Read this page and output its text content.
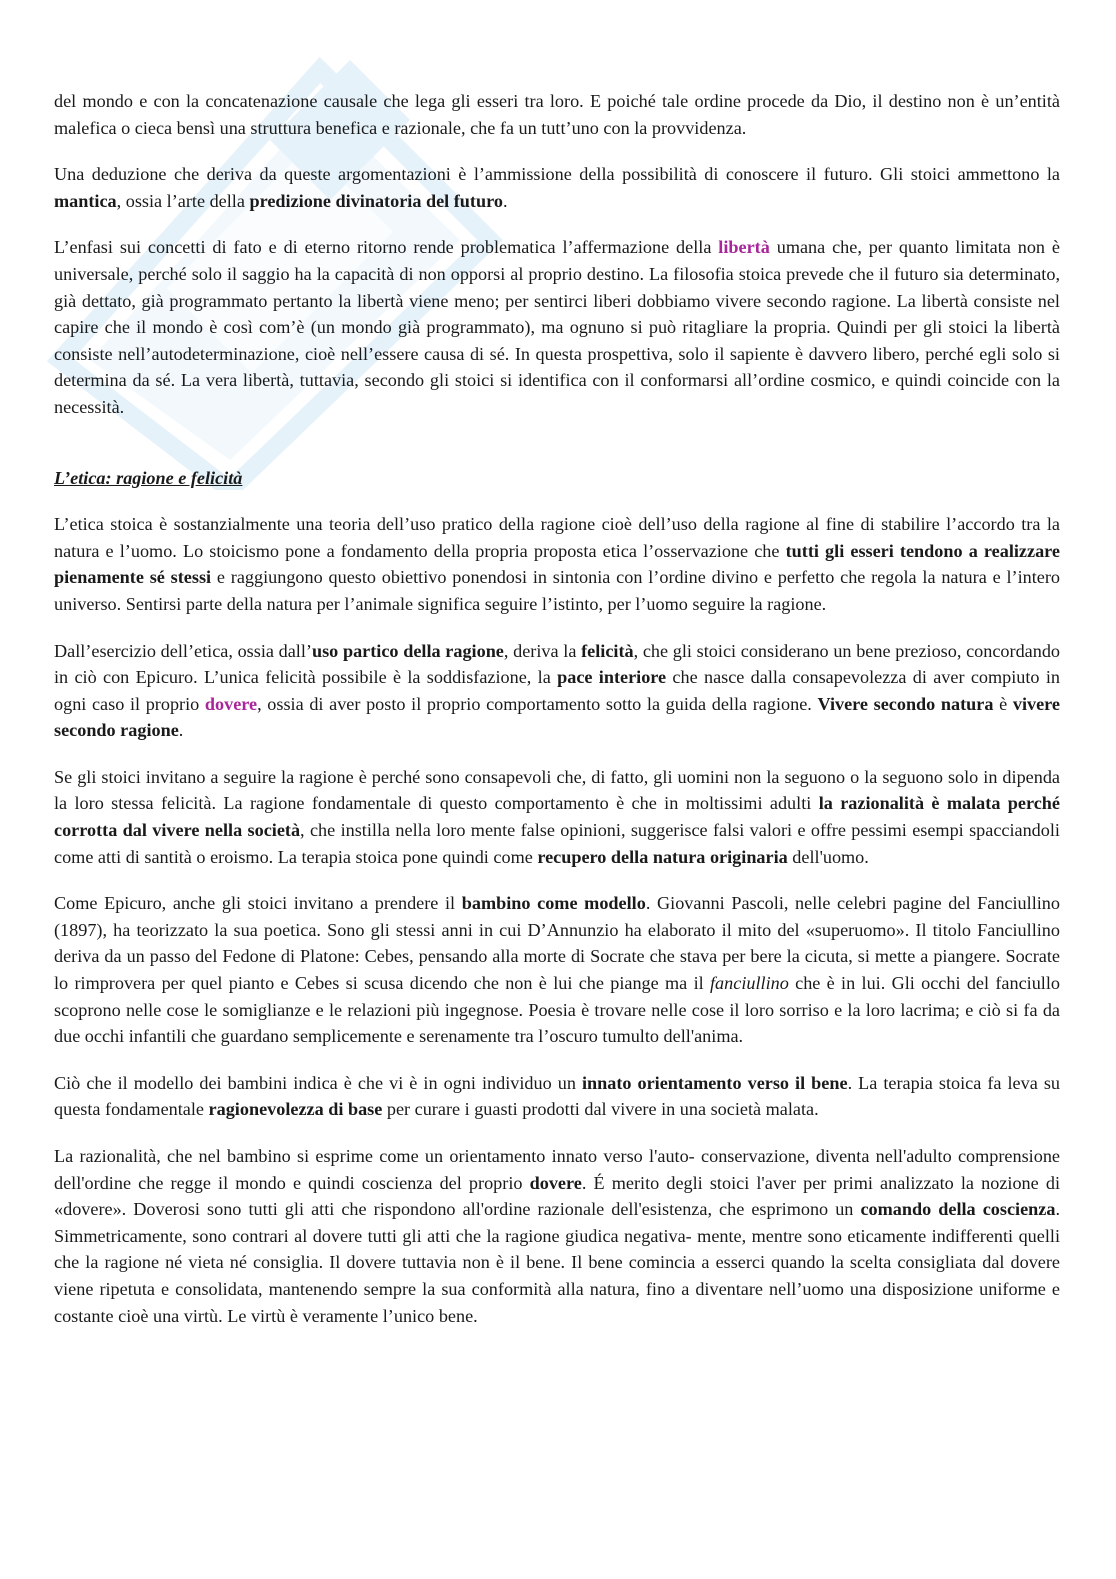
del mondo e con la concatenazione causale che lega gli esseri tra loro. E poiché tale ordine procede da Dio, il destino non è un’entità malefica o cieca bensì una struttura benefica e razionale, che fa un tutt’uno con la provvidenza.

Una deduzione che deriva da queste argomentazioni è l’ammissione della possibilità di conoscere il futuro. Gli stoici ammettono la mantica, ossia l’arte della predizione divinatoria del futuro.

L’enfasi sui concetti di fato e di eterno ritorno rende problematica l’affermazione della libertà umana che, per quanto limitata non è universale, perché solo il saggio ha la capacità di non opporsi al proprio destino. La filosofia stoica prevede che il futuro sia determinato, già dettato, già programmato pertanto la libertà viene meno; per sentirci liberi dobbiamo vivere secondo ragione. La libertà consiste nel capire che il mondo è così com’è (un mondo già programmato), ma ognuno si può ritagliare la propria. Quindi per gli stoici la libertà consiste nell’autodeterminazione, cioè nell’essere causa di sé. In questa prospettiva, solo il sapiente è davvero libero, perché egli solo si determina da sé. La vera libertà, tuttavia, secondo gli stoici si identifica con il conformarsi all’ordine cosmico, e quindi coincide con la necessità.

L’etica: ragione e felicità

L’etica stoica è sostanzialmente una teoria dell’uso pratico della ragione cioè dell’uso della ragione al fine di stabilire l’accordo tra la natura e l’uomo. Lo stoicismo pone a fondamento della propria proposta etica l’osservazione che tutti gli esseri tendono a realizzare pienamente sé stessi e raggiungono questo obiettivo ponendosi in sintonia con l’ordine divino e perfetto che regola la natura e l’intero universo. Sentirsi parte della natura per l’animale significa seguire l’istinto, per l’uomo seguire la ragione.

Dall’esercizio dell’etica, ossia dall’uso partico della ragione, deriva la felicità, che gli stoici considerano un bene prezioso, concordando in ciò con Epicuro. L’unica felicità possibile è la soddisfazione, la pace interiore che nasce dalla consapevolezza di aver compiuto in ogni caso il proprio dovere, ossia di aver posto il proprio comportamento sotto la guida della ragione. Vivere secondo natura è vivere secondo ragione.

Se gli stoici invitano a seguire la ragione è perché sono consapevoli che, di fatto, gli uomini non la seguono o la seguono solo in dipenda la loro stessa felicità. La ragione fondamentale di questo comportamento è che in moltissimi adulti la razionalità è malata perché corrotta dal vivere nella società, che instilla nella loro mente false opinioni, suggerisce falsi valori e offre pessimi esempi spacciandoli come atti di santità o eroismo. La terapia stoica pone quindi come recupero della natura originaria dell'uomo.

Come Epicuro, anche gli stoici invitano a prendere il bambino come modello. Giovanni Pascoli, nelle celebri pagine del Fanciullino (1897), ha teorizzato la sua poetica. Sono gli stessi anni in cui D’Annunzio ha elaborato il mito del «superuomo». Il titolo Fanciullino deriva da un passo del Fedone di Platone: Cebes, pensando alla morte di Socrate che stava per bere la cicuta, si mette a piangere. Socrate lo rimprovera per quel pianto e Cebes si scusa dicendo che non è lui che piange ma il fanciullino che è in lui. Gli occhi del fanciullo scoprono nelle cose le somiglianze e le relazioni più ingegnose. Poesia è trovare nelle cose il loro sorriso e la loro lacrima; e ciò si fa da due occhi infantili che guardano semplicemente e serenamente tra l’oscuro tumulto dell'anima.

Ciò che il modello dei bambini indica è che vi è in ogni individuo un innato orientamento verso il bene. La terapia stoica fa leva su questa fondamentale ragionevolezza di base per curare i guasti prodotti dal vivere in una società malata.

La razionalità, che nel bambino si esprime come un orientamento innato verso l'auto- conservazione, diventa nell'adulto comprensione dell'ordine che regge il mondo e quindi coscienza del proprio dovere. É merito degli stoici l'aver per primi analizzato la nozione di «dovere». Doverosi sono tutti gli atti che rispondono all'ordine razionale dell'esistenza, che esprimono un comando della coscienza. Simmetricamente, sono contrari al dovere tutti gli atti che la ragione giudica negativa- mente, mentre sono eticamente indifferenti quelli che la ragione né vieta né consiglia. Il dovere tuttavia non è il bene. Il bene comincia a esserci quando la scelta consigliata dal dovere viene ripetuta e consolidata, mantenendo sempre la sua conformità alla natura, fino a diventare nell’uomo una disposizione uniforme e costante cioè una virtù. Le virtù è veramente l’unico bene.
